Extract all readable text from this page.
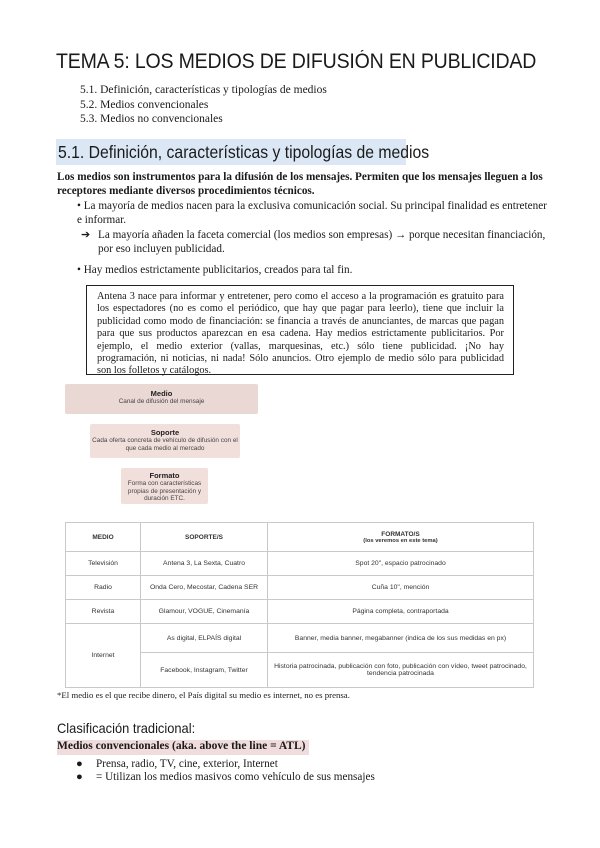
TEMA 5: LOS MEDIOS DE DIFUSIÓN EN PUBLICIDAD
5.1. Definición, características y tipologías de medios
5.2. Medios convencionales
5.3. Medios no convencionales
5.1. Definición, características y tipologías de medios
Los medios son instrumentos para la difusión de los mensajes. Permiten que los mensajes lleguen a los receptores mediante diversos procedimientos técnicos.
• La mayoría de medios nacen para la exclusiva comunicación social. Su principal finalidad es entretener e informar.
➔ La mayoría añaden la faceta comercial (los medios son empresas) → porque necesitan financiación, por eso incluyen publicidad.
• Hay medios estrictamente publicitarios, creados para tal fin.
Antena 3 nace para informar y entretener, pero como el acceso a la programación es gratuito para los espectadores (no es como el periódico, que hay que pagar para leerlo), tiene que incluir la publicidad como modo de financiación: se financia a través de anunciantes, de marcas que pagan para que sus productos aparezcan en esa cadena. Hay medios estrictamente publicitarios. Por ejemplo, el medio exterior (vallas, marquesinas, etc.) sólo tiene publicidad. ¡No hay programación, ni noticias, ni nada! Sólo anuncios. Otro ejemplo de medio sólo para publicidad son los folletos y catálogos.
Medio
Canal de difusión del mensaje
Soporte
Cada oferta concreta de vehículo de difusión con el que cada medio al mercado
Formato
Forma con características propias de presentación y duración ETC.
MEDIO	SOPORTE/S	FORMATO/S
(los veremos en este tema)

Televisión	Antena 3, La Sexta, Cuatro	Spot 20", espacio patrocinado
Radio	Onda Cero, Mecostar, Cadena SER	Cuña 10", mención
Revista	Glamour, VOGUE, Cinemanía	Página completa, contraportada
Internet	As digital, ELPAÍS digital	Banner, media banner, megabanner (indica de los sus medidas en px)
	Facebook, Instagram, Twitter	Historia patrocinada, publicación con foto, publicación con vídeo, tweet patrocinado, tendencia patrocinada
*El medio es el que recibe dinero, el País digital su medio es internet, no es prensa.
Clasificación tradicional:
Medios convencionales (aka. above the line = ATL)
● Prensa, radio, TV, cine, exterior, Internet
● = Utilizan los medios masivos como vehículo de sus mensajes
